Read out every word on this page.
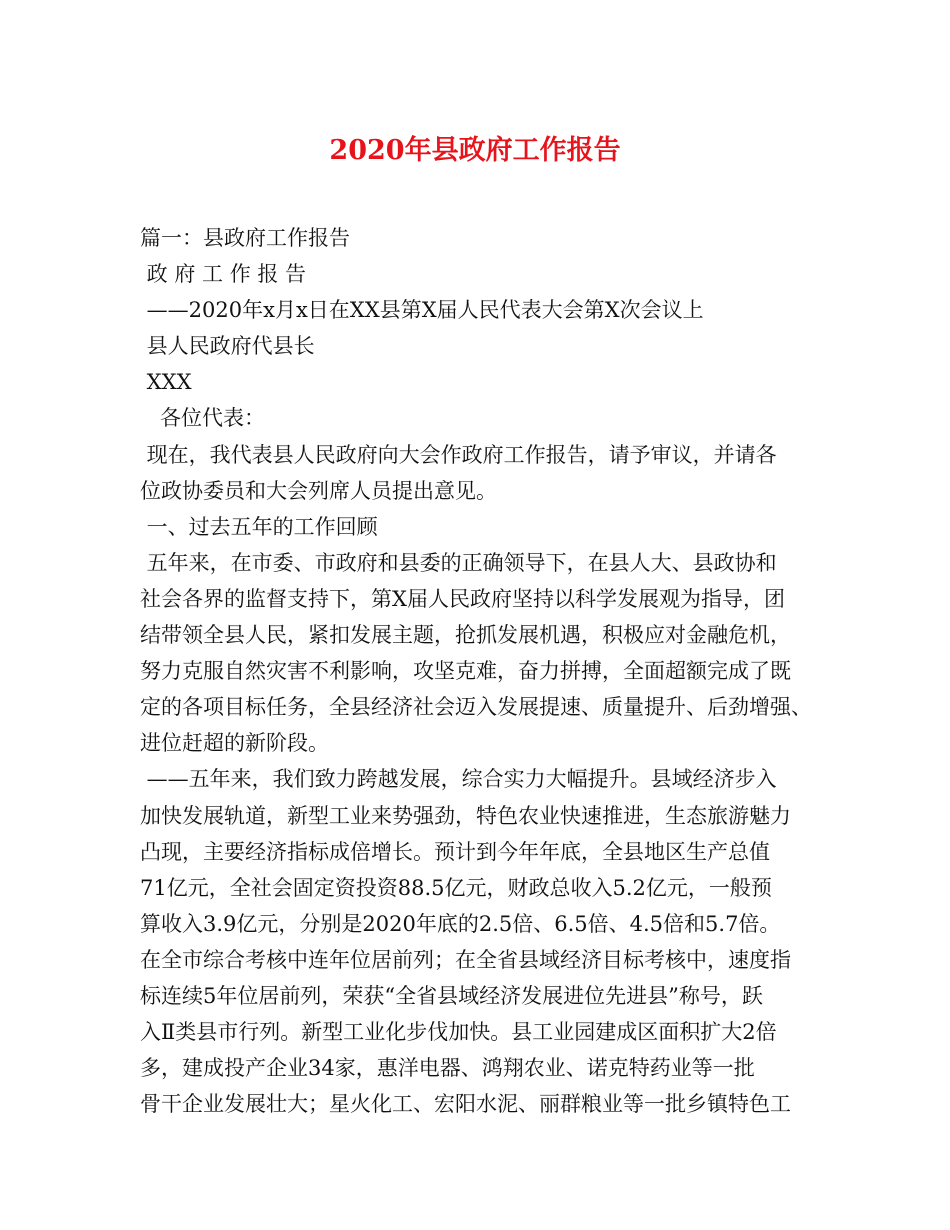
2020年县政府工作报告
篇一：县政府工作报告
政 府 工 作 报 告
——2020年x月x日在XX县第X届人民代表大会第X次会议上
县人民政府代县长
XXX
各位代表：
现在，我代表县人民政府向大会作政府工作报告，请予审议，并请各
位政协委员和大会列席人员提出意见。
一、过去五年的工作回顾
五年来，在市委、市政府和县委的正确领导下，在县人大、县政协和
社会各界的监督支持下，第X届人民政府坚持以科学发展观为指导，团
结带领全县人民，紧扣发展主题，抢抓发展机遇，积极应对金融危机，
努力克服自然灾害不利影响，攻坚克难，奋力拼搏，全面超额完成了既
定的各项目标任务，全县经济社会迈入发展提速、质量提升、后劲增强、
进位赶超的新阶段。
——五年来，我们致力跨越发展，综合实力大幅提升。县域经济步入
加快发展轨道，新型工业来势强劲，特色农业快速推进，生态旅游魅力
凸现，主要经济指标成倍增长。预计到今年年底，全县地区生产总值
71亿元，全社会固定资投资88.5亿元，财政总收入5.2亿元，一般预
算收入3.9亿元，分别是2020年底的2.5倍、6.5倍、4.5倍和5.7倍。
在全市综合考核中连年位居前列；在全省县域经济目标考核中，速度指
标连续5年位居前列，荣获“全省县域经济发展进位先进县”称号，跃
入Ⅱ类县市行列。新型工业化步伐加快。县工业园建成区面积扩大2倍
多，建成投产企业34家，惠洋电器、鸿翔农业、诺克特药业等一批
骨干企业发展壮大；星火化工、宏阳水泥、丽群粮业等一批乡镇特色工
